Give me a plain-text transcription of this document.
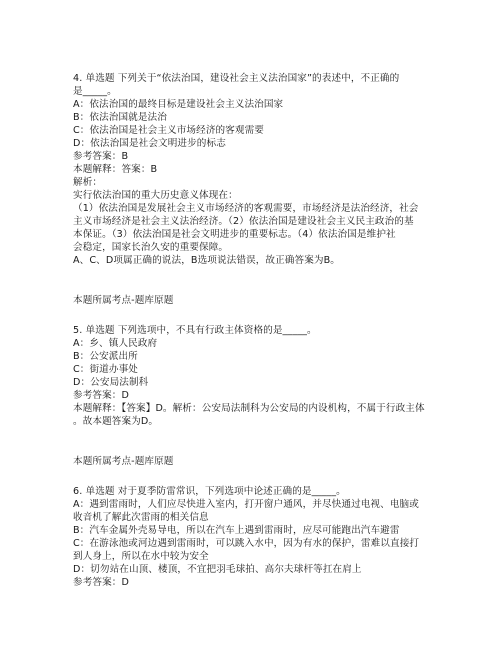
4. 单选题 下列关于“依法治国，建设社会主义法治国家”的表述中，不正确的
是_____。
A：依法治国的最终目标是建设社会主义法治国家
B：依法治国就是法治
C：依法治国是社会主义市场经济的客观需要
D：依法治国是社会文明进步的标志
参考答案：B
本题解释：答案：B
解析：
实行依法治国的重大历史意义体现在：
（1）依法治国是发展社会主义市场经济的客观需要，市场经济是法治经济，社会
主义市场经济是社会主义法治经济。（2）依法治国是建设社会主义民主政治的基
本保证。（3）依法治国是社会文明进步的重要标志。（4）依法治国是维护社
会稳定，国家长治久安的重要保障。
A、C、D项属正确的说法，B选项说法错误，故正确答案为B。
本题所属考点-题库原题
5. 单选题 下列选项中，不具有行政主体资格的是_____。
A：乡、镇人民政府
B：公安派出所
C：街道办事处
D：公安局法制科
参考答案：D
本题解释：【答案】D。解析：公安局法制科为公安局的内设机构，不属于行政主体
。故本题答案为D。
本题所属考点-题库原题
6. 单选题 对于夏季防雷常识，下列选项中论述正确的是_____。
A：遇到雷雨时，人们应尽快进入室内，打开窗户通风，并尽快通过电视、电脑或
收音机了解此次雷雨的相关信息
B：汽车金属外壳易导电，所以在汽车上遇到雷雨时，应尽可能跑出汽车避雷
C：在游泳池或河边遇到雷雨时，可以跳入水中，因为有水的保护，雷难以直接打
到人身上，所以在水中较为安全
D：切勿站在山顶、楼顶，不宜把羽毛球拍、高尔夫球杆等扛在肩上
参考答案：D
